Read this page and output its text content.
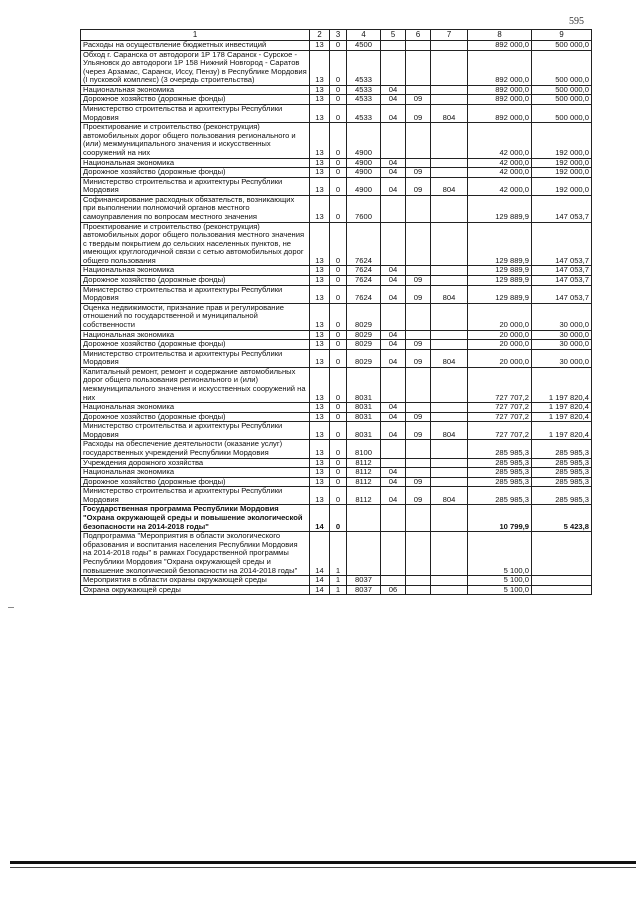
595
1	2	3	4	5	6	7	8	9
Расходы на осуществление бюджетных инвестиций	13	0	4500				892 000,0	500 000,0
Обход г. Саранска от автодороги 1Р 178 Саранск - Сурское - Ульяновск до автодороги 1Р 158 Нижний Новгород - Саратов (через Арзамас, Саранск, Иссу, Пензу) в Республике Мордовия (I пусковой комплекс) (3 очередь строительства)	13	0	4533				892 000,0	500 000,0
Национальная экономика	13	0	4533	04			892 000,0	500 000,0
Дорожное хозяйство (дорожные фонды)	13	0	4533	04	09		892 000,0	500 000,0
Министерство строительства и архитектуры Республики Мордовия	13	0	4533	04	09	804	892 000,0	500 000,0
Проектирование и строительство (реконструкция) автомобильных дорог общего пользования регионального и (или) межмуниципального значения и искусственных сооружений на них	13	0	4900				42 000,0	192 000,0
Национальная экономика	13	0	4900	04			42 000,0	192 000,0
Дорожное хозяйство (дорожные фонды)	13	0	4900	04	09		42 000,0	192 000,0
Министерство строительства и архитектуры Республики Мордовия	13	0	4900	04	09	804	42 000,0	192 000,0
Софинансирование расходных обязательств, возникающих при выполнении полномочий органов местного самоуправления по вопросам местного значения	13	0	7600				129 889,9	147 053,7
Проектирование и строительство (реконструкция) автомобильных дорог общего пользования местного значения с твердым покрытием до сельских населенных пунктов, не имеющих круглогодичной связи с сетью автомобильных дорог общего пользования	13	0	7624				129 889,9	147 053,7
Национальная экономика	13	0	7624	04			129 889,9	147 053,7
Дорожное хозяйство (дорожные фонды)	13	0	7624	04	09		129 889,9	147 053,7
Министерство строительства и архитектуры Республики Мордовия	13	0	7624	04	09	804	129 889,9	147 053,7
Оценка недвижимости, признание прав и регулирование отношений по государственной и муниципальной собственности	13	0	8029				20 000,0	30 000,0
Национальная экономика	13	0	8029	04			20 000,0	30 000,0
Дорожное хозяйство (дорожные фонды)	13	0	8029	04	09		20 000,0	30 000,0
Министерство строительства и архитектуры Республики Мордовия	13	0	8029	04	09	804	20 000,0	30 000,0
Капитальный ремонт, ремонт и содержание автомобильных дорог общего пользования регионального и (или) межмуниципального значения и искусственных сооружений на них	13	0	8031				727 707,2	1 197 820,4
Национальная экономика	13	0	8031	04			727 707,2	1 197 820,4
Дорожное хозяйство (дорожные фонды)	13	0	8031	04	09		727 707,2	1 197 820,4
Министерство строительства и архитектуры Республики Мордовия	13	0	8031	04	09	804	727 707,2	1 197 820,4
Расходы на обеспечение деятельности (оказание услуг) государственных учреждений Республики Мордовия	13	0	8100				285 985,3	285 985,3
Учреждения дорожного хозяйства	13	0	8112				285 985,3	285 985,3
Национальная экономика	13	0	8112	04			285 985,3	285 985,3
Дорожное хозяйство (дорожные фонды)	13	0	8112	04	09		285 985,3	285 985,3
Министерство строительства и архитектуры Республики Мордовия	13	0	8112	04	09	804	285 985,3	285 985,3
Государственная программа Республики Мордовия "Охрана окружающей среды и повышение экологической безопасности на 2014-2018 годы"	14	0					10 799,9	5 423,8
Подпрограмма "Мероприятия в области экологического образования и воспитания населения Республики Мордовия на 2014-2018 годы" в рамках Государственной программы Республики Мордовия "Охрана окружающей среды и повышение экологической безопасности на 2014-2018 годы"	14	1					5 100,0	
Мероприятия в области охраны окружающей среды	14	1	8037				5 100,0	
Охрана окружающей среды	14	1	8037	06			5 100,0	
